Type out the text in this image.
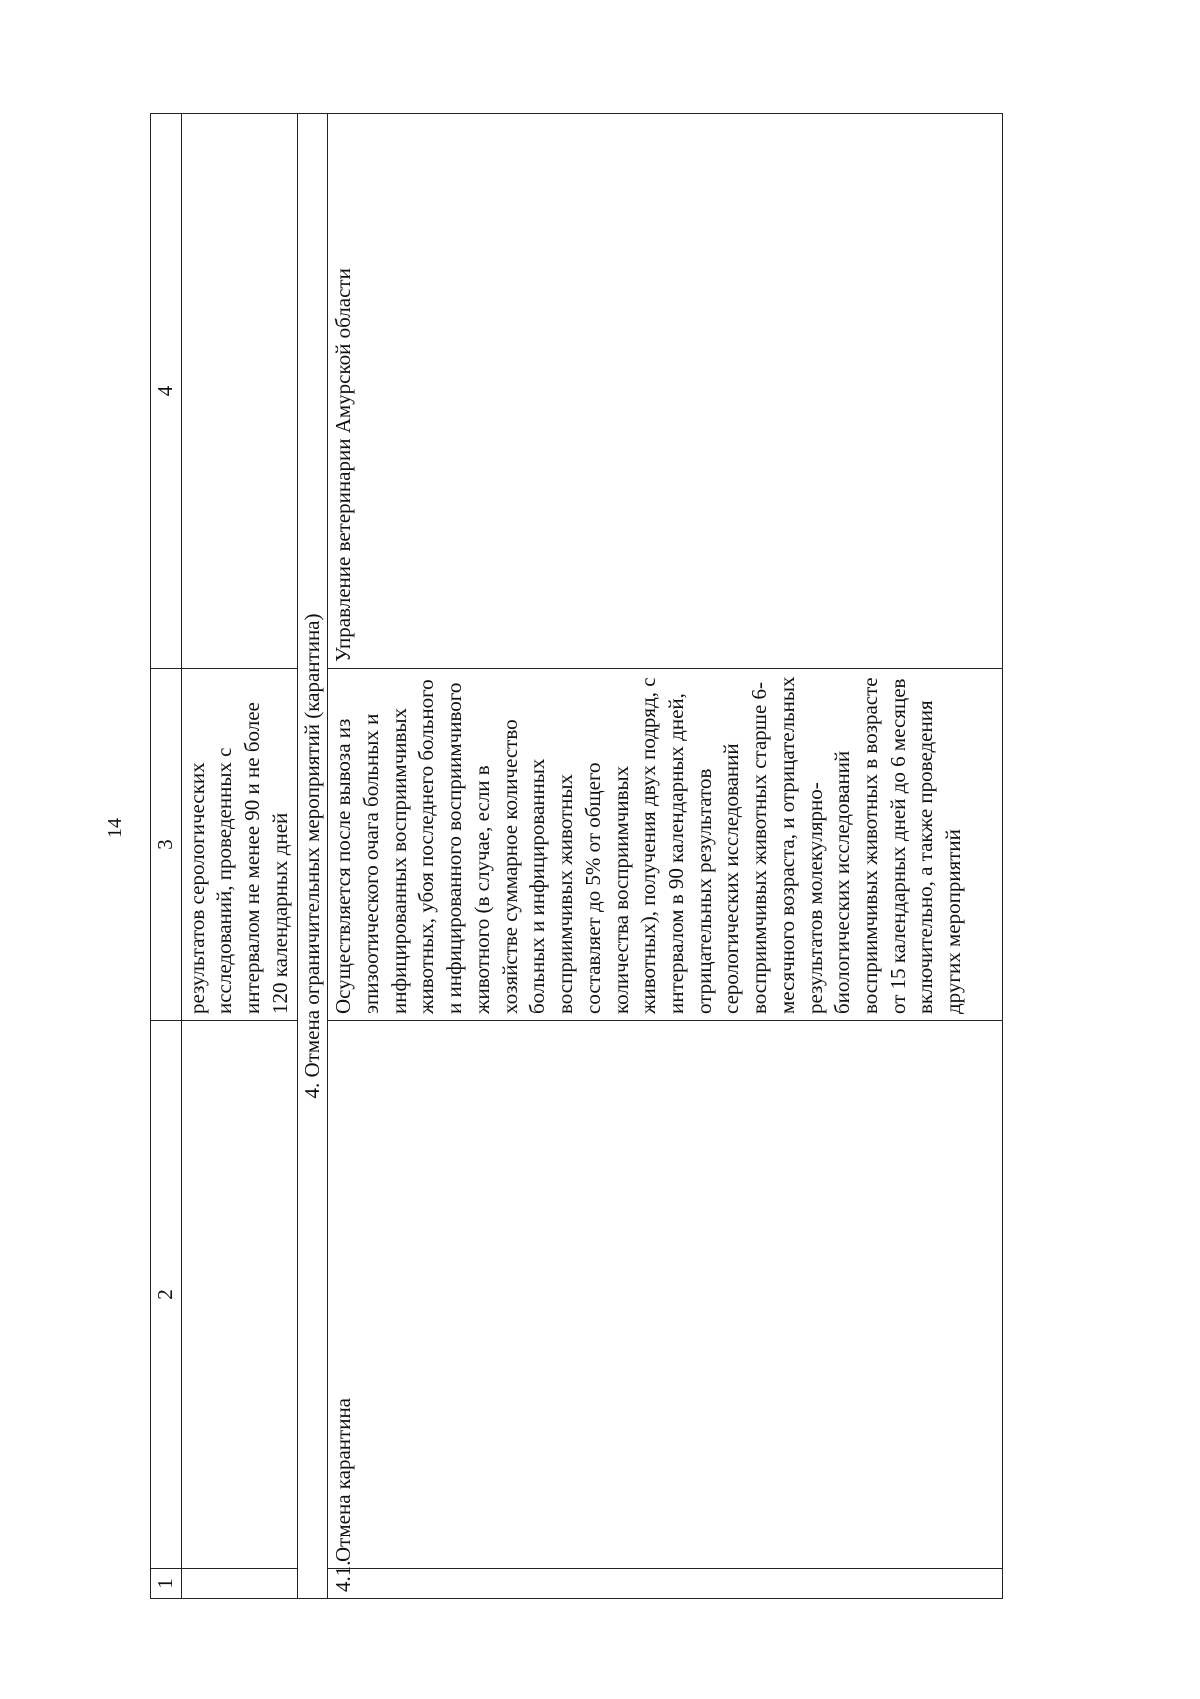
14
1	2	3	4
		результатов серологических исследований, проведенных с интервалом не менее 90 и не более 120 календарных дней	
4. Отмена ограничительных мероприятий (карантина)			
4.1.	Отмена карантина	Осуществляется после вывоза из эпизоотического очага больных и инфицированных восприимчивых животных, убоя последнего больного и инфицированного восприимчивого животного (в случае, если в хозяйстве суммарное количество больных и инфицированных восприимчивых животных составляет до 5% от общего количества восприимчивых животных), получения двух подряд, с интервалом в 90 календарных дней, отрицательных результатов серологических исследований восприимчивых животных старше 6-месячного возраста, и отрицательных результатов молекулярно-биологических исследований восприимчивых животных в возрасте от 15 календарных дней до 6 месяцев включительно, а также проведения других мероприятий	Управление ветеринарии Амурской области
